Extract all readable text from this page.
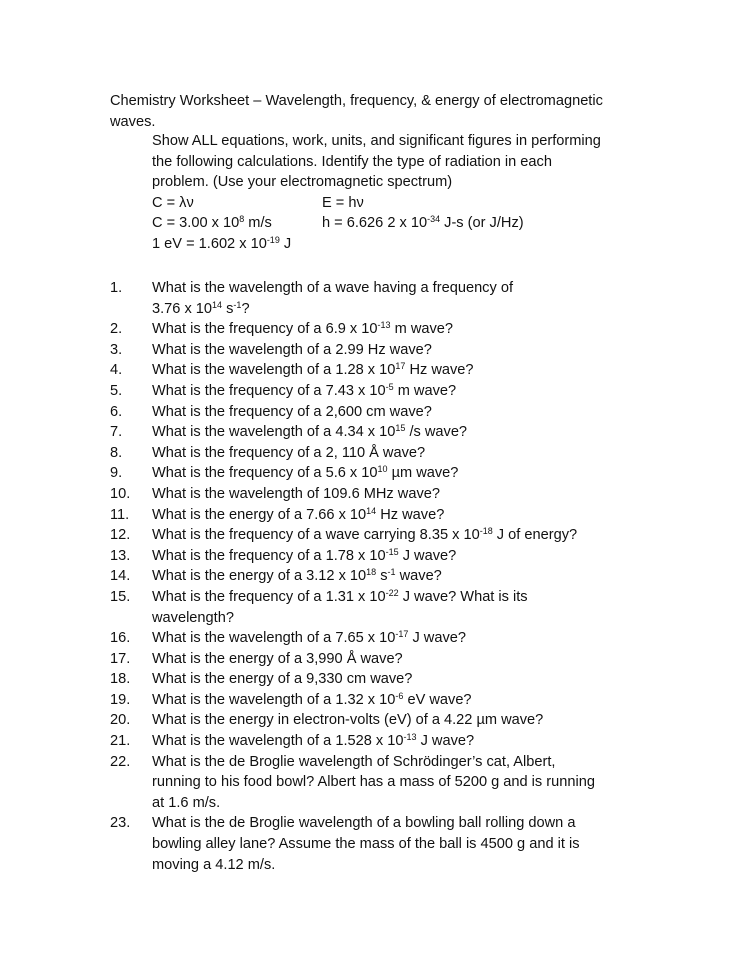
Chemistry Worksheet – Wavelength, frequency, & energy of electromagnetic waves.
Show ALL equations, work, units, and significant figures in performing
the following calculations. Identify the type of radiation in each
problem. (Use your electromagnetic spectrum)
C = λν	E = hν
C = 3.00 x $10^8$ m/s	h = 6.626 2 x $10^{-34}$ J-s (or J/Hz)
1 eV = 1.602 x $10^{-19}$ J
1.	What is the wavelength of a wave having a frequency of
3.76 x $10^{14}$ $s^{-1}$?
2.	What is the frequency of a 6.9 x $10^{-13}$ m wave?
3.	What is the wavelength of a 2.99 Hz wave?
4.	What is the wavelength of a 1.28 x $10^{17}$ Hz wave?
5.	What is the frequency of a 7.43 x $10^{-5}$ m wave?
6.	What is the frequency of a 2,600 cm wave?
7.	What is the wavelength of a 4.34 x $10^{15}$ /s wave?
8.	What is the frequency of a 2, 110 Å wave?
9.	What is the frequency of a 5.6 x $10^{10}$ µm wave?
10.	What is the wavelength of 109.6 MHz wave?
11.	What is the energy of a 7.66 x $10^{14}$ Hz wave?
12.	What is the frequency of a wave carrying 8.35 x $10^{-18}$ J of energy?
13.	What is the frequency of a 1.78 x $10^{-15}$ J wave?
14.	What is the energy of a 3.12 x $10^{18}$ $s^{-1}$ wave?
15.	What is the frequency of a 1.31 x $10^{-22}$ J wave? What is its
wavelength?
16.	What is the wavelength of a 7.65 x $10^{-17}$ J wave?
17.	What is the energy of a 3,990 Å wave?
18.	What is the energy of a 9,330 cm wave?
19.	What is the wavelength of a 1.32 x $10^{-6}$ eV wave?
20.	What is the energy in electron-volts (eV) of a 4.22 µm wave?
21.	What is the wavelength of a 1.528 x $10^{-13}$ J wave?
22.	What is the de Broglie wavelength of Schrödinger’s cat, Albert,
running to his food bowl? Albert has a mass of 5200 g and is running
at 1.6 m/s.
23.	What is the de Broglie wavelength of a bowling ball rolling down a
bowling alley lane? Assume the mass of the ball is 4500 g and it is
moving a 4.12 m/s.
